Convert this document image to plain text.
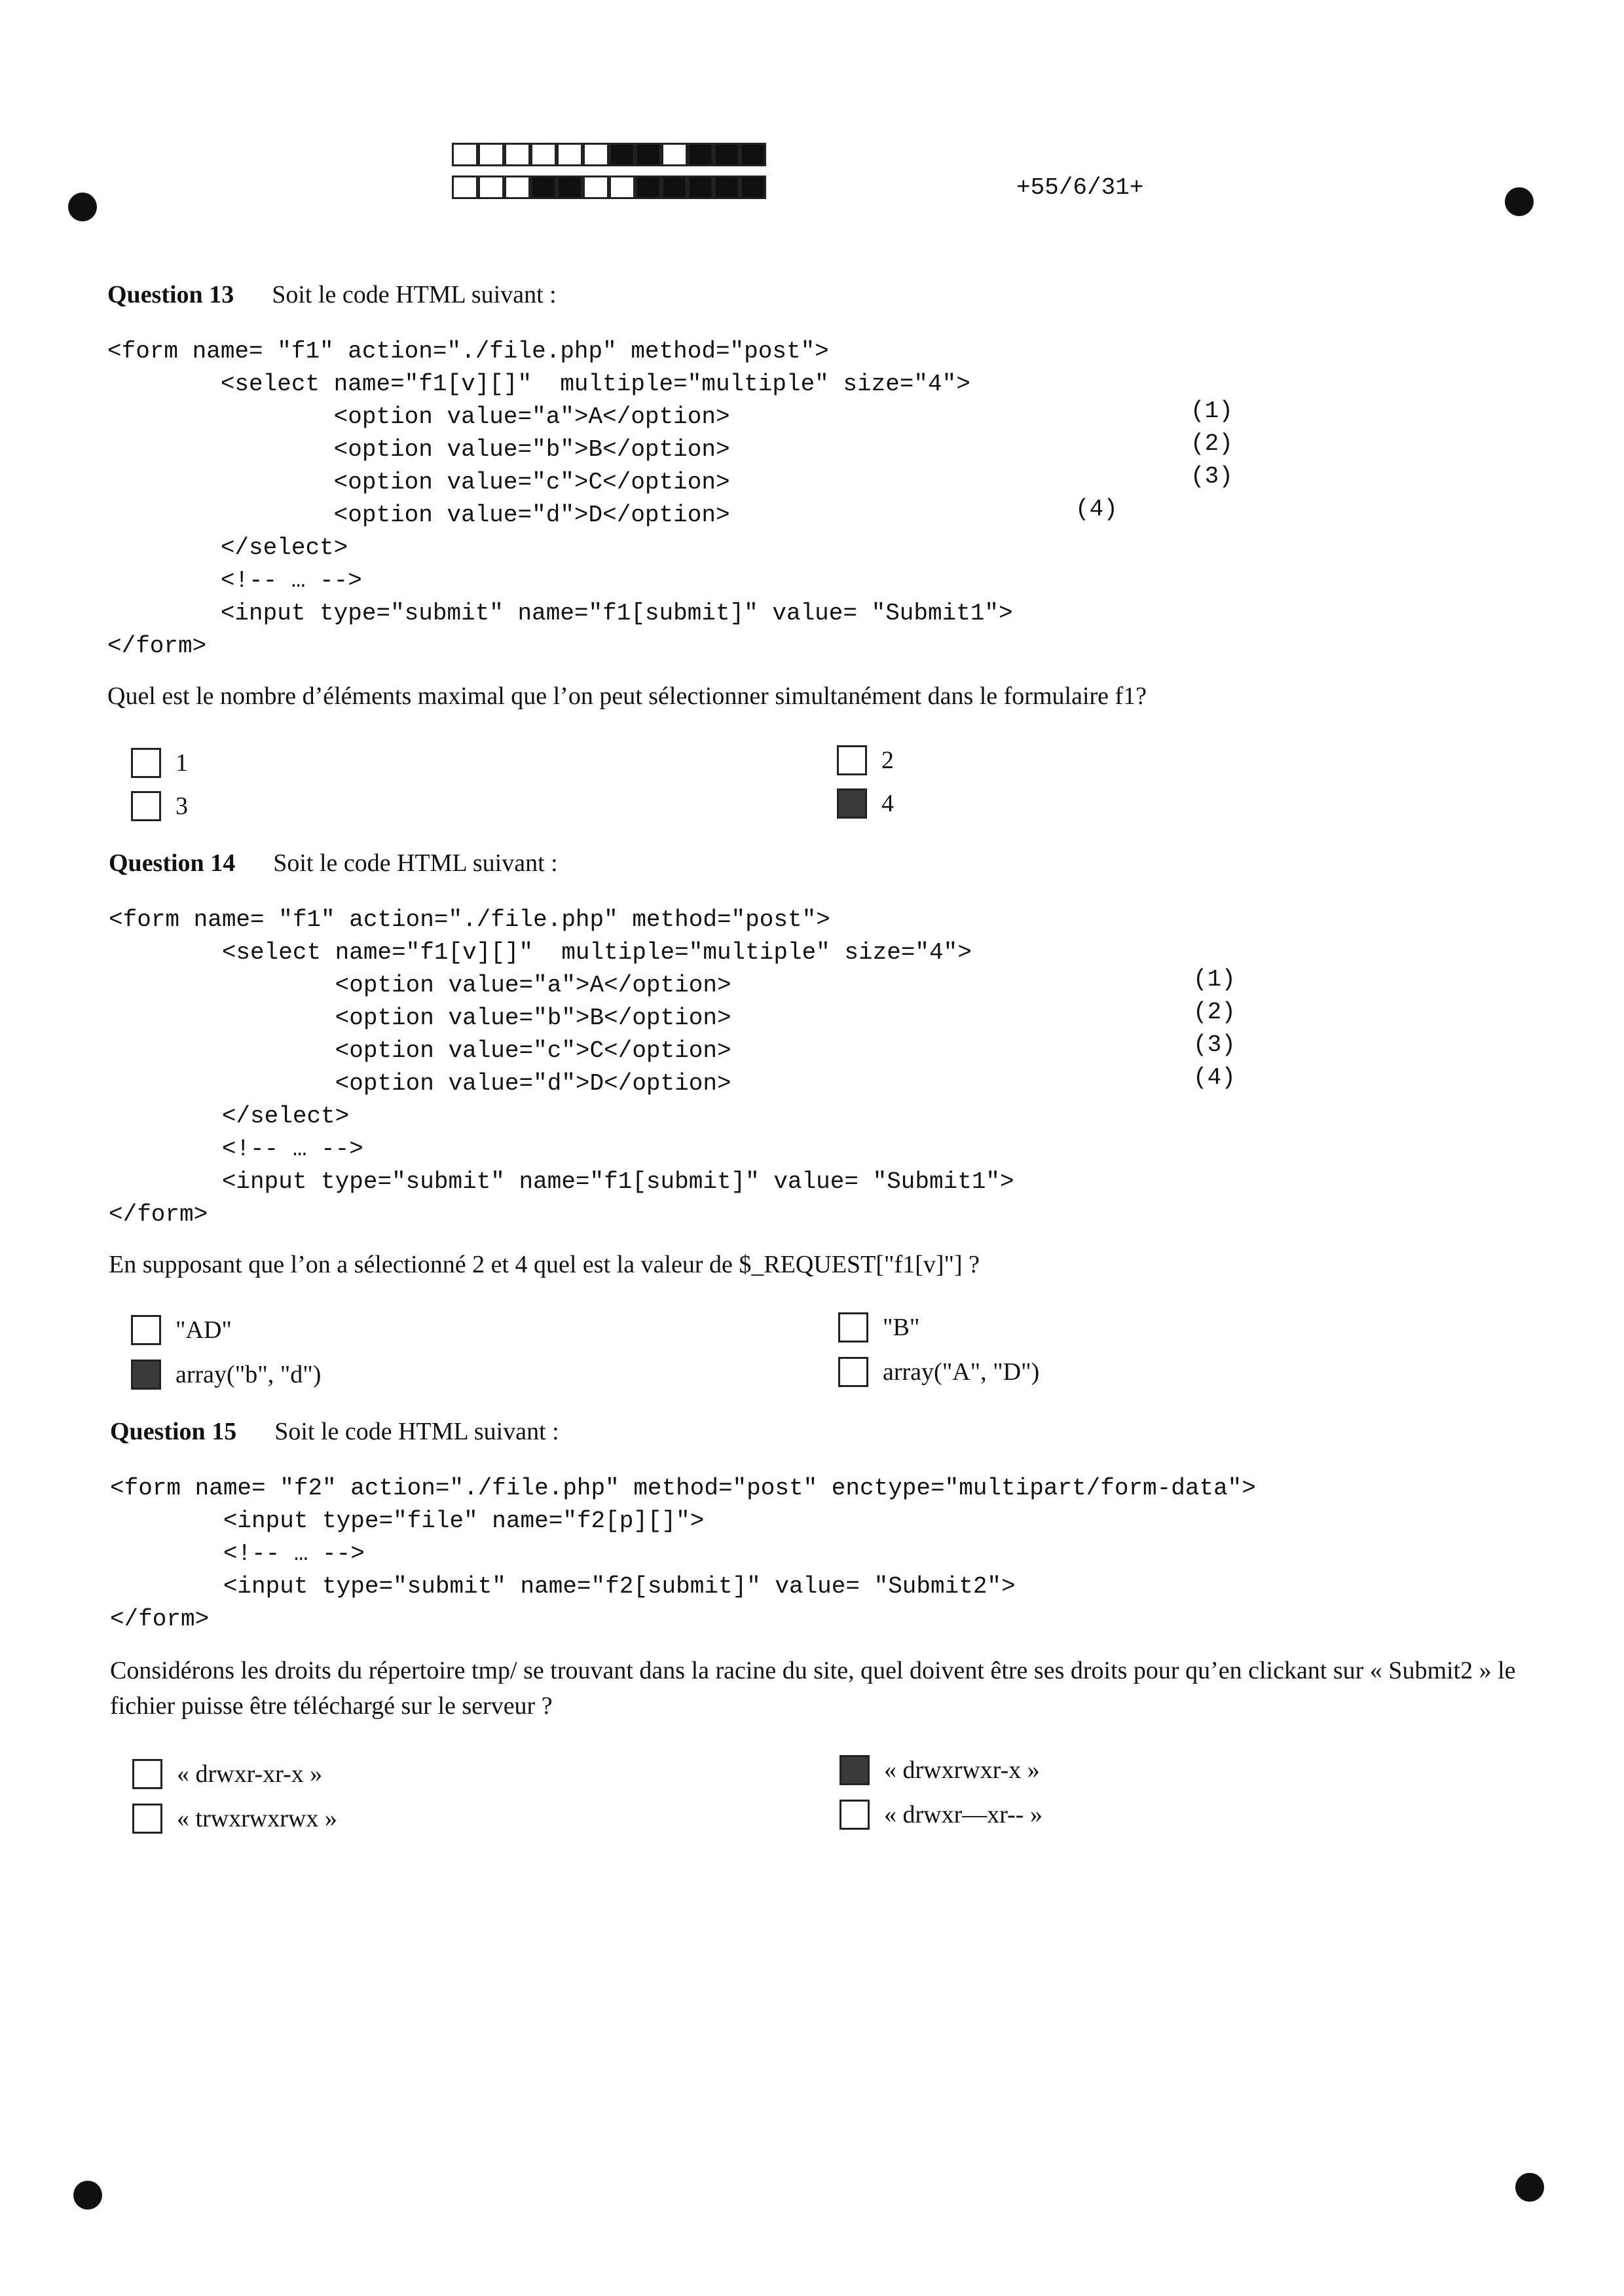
+55/6/31+
Question 13 Soit le code HTML suivant :
<form name= "f1" action="./file.php" method="post">
<select name="f1[v][]"  multiple="multiple" size="4">
<option value="a">A</option>
<option value="b">B</option>
<option value="c">C</option>
<option value="d">D</option>
</select>
<!-- … -->
<input type="submit" name="f1[submit]" value= "Submit1">
</form>
(1)
(2)
(3)
(4)
Quel est le nombre d’éléments maximal que l’on peut sélectionner simultanément dans le formulaire f1?
1	2
3	4
Question 14 Soit le code HTML suivant :
<form name= "f1" action="./file.php" method="post">
<select name="f1[v][]"  multiple="multiple" size="4">
<option value="a">A</option>
<option value="b">B</option>
<option value="c">C</option>
<option value="d">D</option>
</select>
<!-- … -->
<input type="submit" name="f1[submit]" value= "Submit1">
</form>
(1)
(2)
(3)
(4)
En supposant que l’on a sélectionné 2 et 4 quel est la valeur de $_REQUEST["f1[v]"] ?
"AD"	"B"
array("b", "d")	array("A", "D")
Question 15 Soit le code HTML suivant :
<form name= "f2" action="./file.php" method="post" enctype="multipart/form-data">
<input type="file" name="f2[p][]">
<!-- … -->
<input type="submit" name="f2[submit]" value= "Submit2">
</form>
Considérons les droits du répertoire tmp/ se trouvant dans la racine du site, quel doivent être ses droits pour qu’en clickant sur « Submit2 » le fichier puisse être téléchargé sur le serveur ?
« drwxr-xr-x »	« drwxrwxr-x »
« trwxrwxrwx »	« drwxr—xr-- »
